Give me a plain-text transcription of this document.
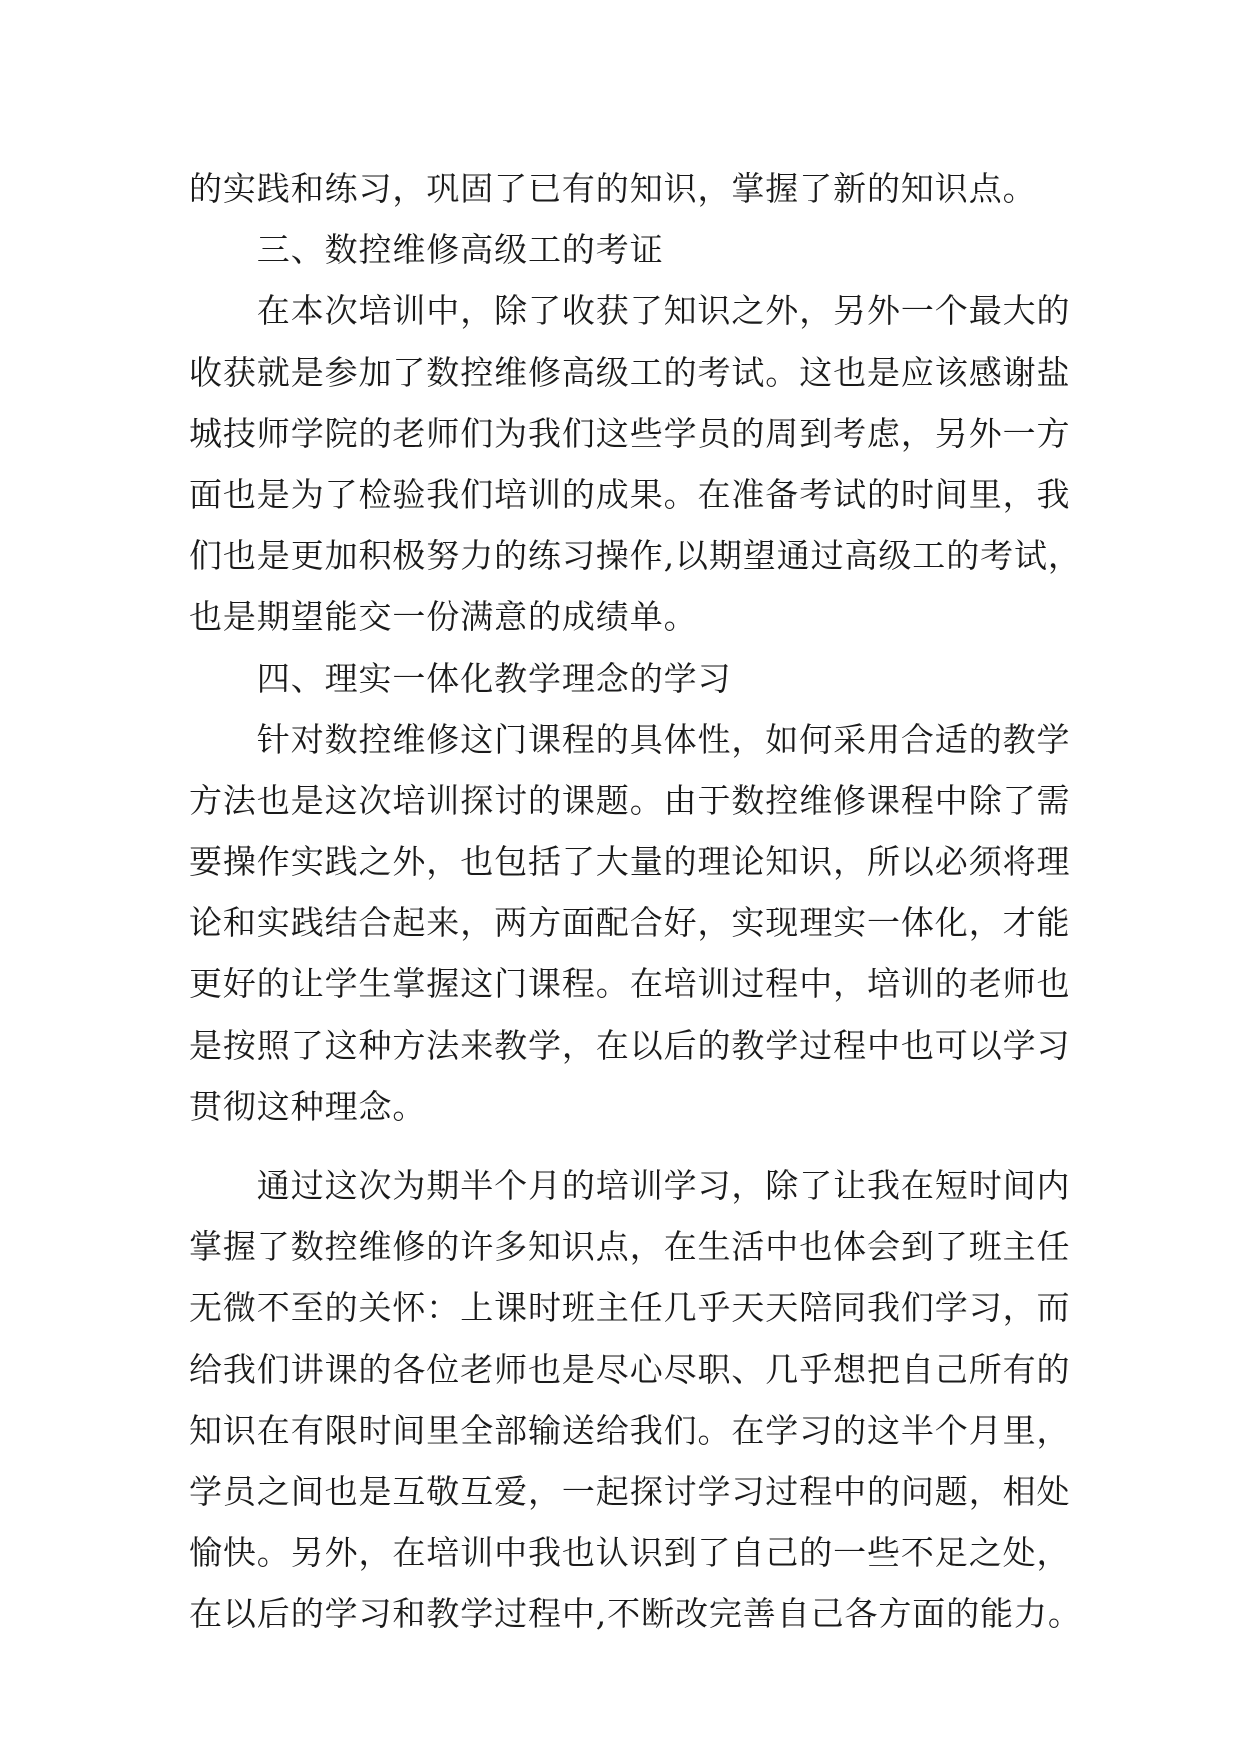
的实践和练习，巩固了已有的知识，掌握了新的知识点。
　　三、数控维修高级工的考证
　　在本次培训中，除了收获了知识之外，另外一个最大的
收获就是参加了数控维修高级工的考试。这也是应该感谢盐
城技师学院的老师们为我们这些学员的周到考虑，另外一方
面也是为了检验我们培训的成果。在准备考试的时间里，我
们也是更加积极努力的练习操作,以期望通过高级工的考试，
也是期望能交一份满意的成绩单。
　　四、理实一体化教学理念的学习
　　针对数控维修这门课程的具体性，如何采用合适的教学
方法也是这次培训探讨的课题。由于数控维修课程中除了需
要操作实践之外，也包括了大量的理论知识，所以必须将理
论和实践结合起来，两方面配合好，实现理实一体化，才能
更好的让学生掌握这门课程。在培训过程中，培训的老师也
是按照了这种方法来教学，在以后的教学过程中也可以学习
贯彻这种理念。
　　通过这次为期半个月的培训学习，除了让我在短时间内
掌握了数控维修的许多知识点，在生活中也体会到了班主任
无微不至的关怀：上课时班主任几乎天天陪同我们学习，而
给我们讲课的各位老师也是尽心尽职、几乎想把自己所有的
知识在有限时间里全部输送给我们。在学习的这半个月里，
学员之间也是互敬互爱，一起探讨学习过程中的问题，相处
愉快。另外，在培训中我也认识到了自己的一些不足之处，
在以后的学习和教学过程中,不断改完善自己各方面的能力。
